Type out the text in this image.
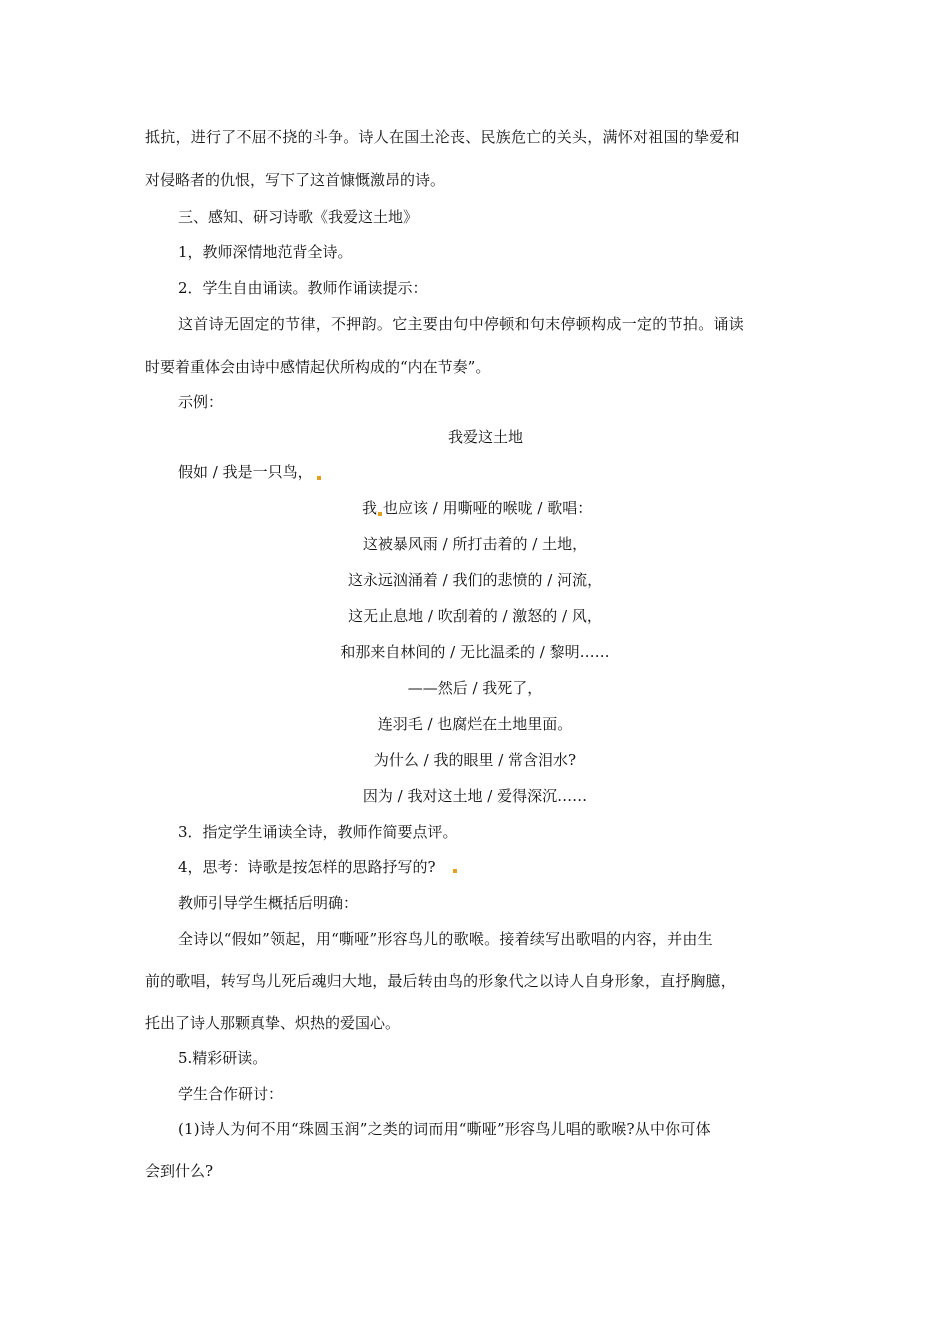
抵抗，进行了不屈不挠的斗争。诗人在国土沦丧、民族危亡的关头，满怀对祖国的挚爱和
对侵略者的仇恨，写下了这首慷慨激昂的诗。
三、感知、研习诗歌《我爱这土地》
1，教师深情地范背全诗。
2．学生自由诵读。教师作诵读提示：
这首诗无固定的节律，不押韵。它主要由句中停顿和句末停顿构成一定的节拍。诵读
时要着重体会由诗中感情起伏所构成的“内在节奏”。
示例：
我爱这土地
假如 / 我是一只鸟，
我 也应该 / 用嘶哑的喉咙 / 歌唱：
这被暴风雨 / 所打击着的 / 土地，
这永远汹涌着 / 我们的悲愤的 / 河流，
这无止息地 / 吹刮着的 / 激怒的 / 风，
和那来自林间的 / 无比温柔的 / 黎明……
——然后 / 我死了，
连羽毛 / 也腐烂在土地里面。
为什么 / 我的眼里 / 常含泪水?
因为 / 我对这土地 / 爱得深沉……
3．指定学生诵读全诗，教师作简要点评。
4，思考：诗歌是按怎样的思路抒写的?
教师引导学生概括后明确：
全诗以“假如”领起，用“嘶哑”形容鸟儿的歌喉。接着续写出歌唱的内容，并由生
前的歌唱，转写鸟儿死后魂归大地，最后转由鸟的形象代之以诗人自身形象，直抒胸臆，
托出了诗人那颗真挚、炽热的爱国心。
5.精彩研读。
学生合作研讨：
(1)诗人为何不用“珠圆玉润”之类的词而用“嘶哑”形容鸟儿唱的歌喉?从中你可体
会到什么?
